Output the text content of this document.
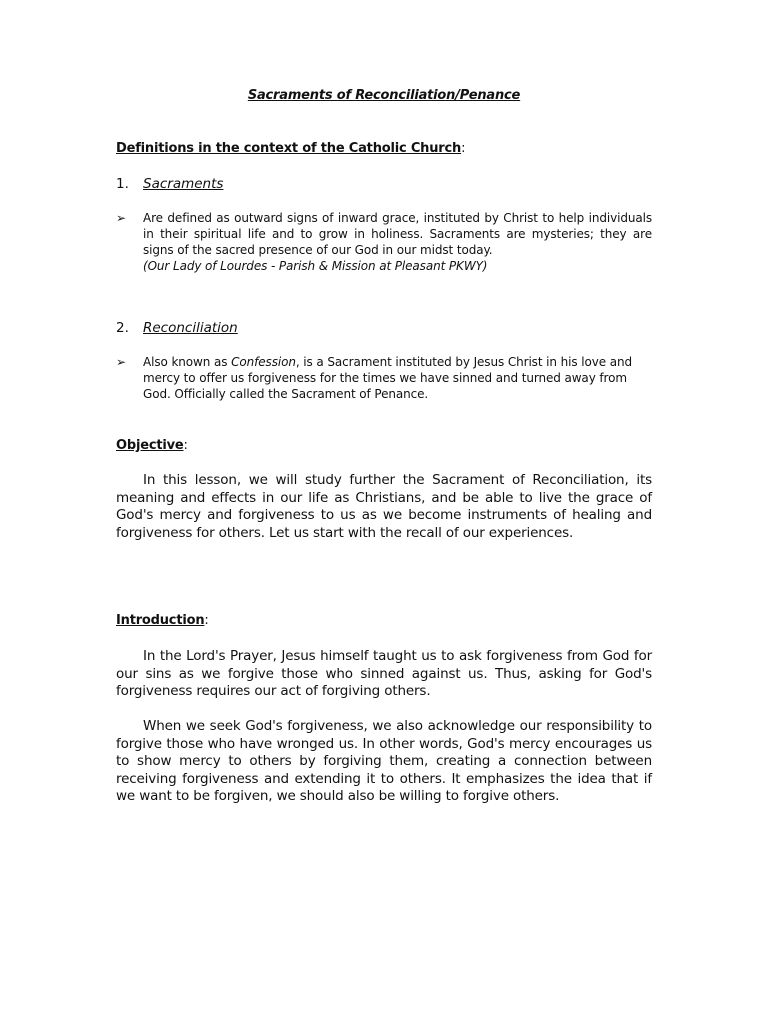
Sacraments of Reconciliation/Penance
Definitions in the context of the Catholic Church:
1. Sacraments
➢ Are defined as outward signs of inward grace, instituted by Christ to help individuals in their spiritual life and to grow in holiness. Sacraments are mysteries; they are signs of the sacred presence of our God in our midst today.
(Our Lady of Lourdes - Parish & Mission at Pleasant PKWY)
2. Reconciliation
➢ Also known as Confession, is a Sacrament instituted by Jesus Christ in his love and mercy to offer us forgiveness for the times we have sinned and turned away from God. Officially called the Sacrament of Penance.
Objective:
In this lesson, we will study further the Sacrament of Reconciliation, its meaning and effects in our life as Christians, and be able to live the grace of God's mercy and forgiveness to us as we become instruments of healing and forgiveness for others. Let us start with the recall of our experiences.
Introduction:
In the Lord's Prayer, Jesus himself taught us to ask forgiveness from God for our sins as we forgive those who sinned against us. Thus, asking for God's forgiveness requires our act of forgiving others.
When we seek God's forgiveness, we also acknowledge our responsibility to forgive those who have wronged us. In other words, God's mercy encourages us to show mercy to others by forgiving them, creating a connection between receiving forgiveness and extending it to others. It emphasizes the idea that if we want to be forgiven, we should also be willing to forgive others.
